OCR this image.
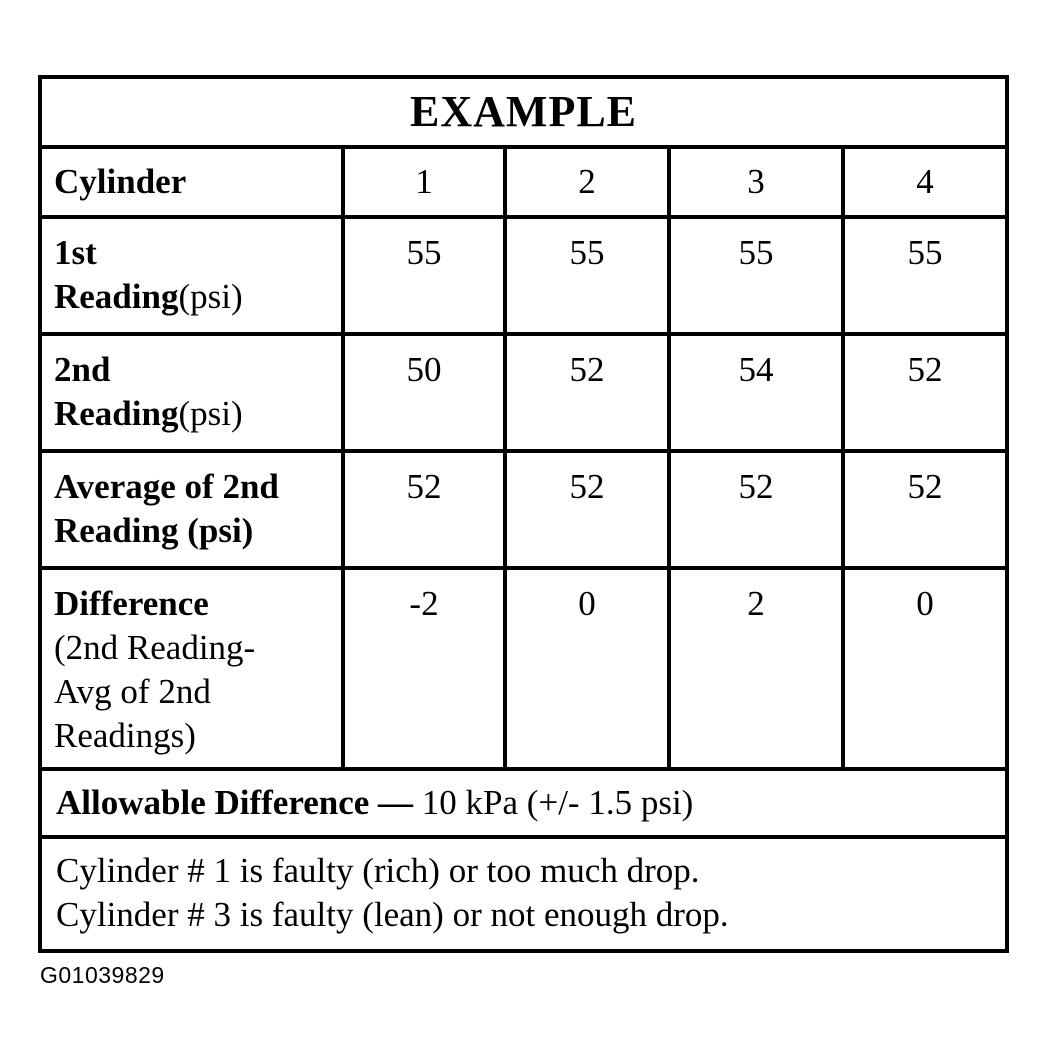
EXAMPLE				
Cylinder	1	2	3	4

1st
Reading(psi)	55	55	55	55

2nd
Reading(psi)	50	52	54	52

Average of 2nd
Reading (psi)	52	52	52	52

Difference
(2nd Reading-
Avg of 2nd
Readings)	-2	0	2	0
Allowable Difference — 10 kPa (+/- 1.5 psi)				

Cylinder # 1 is faulty (rich) or too much drop.
Cylinder # 3 is faulty (lean) or not enough drop.				
G01039829
